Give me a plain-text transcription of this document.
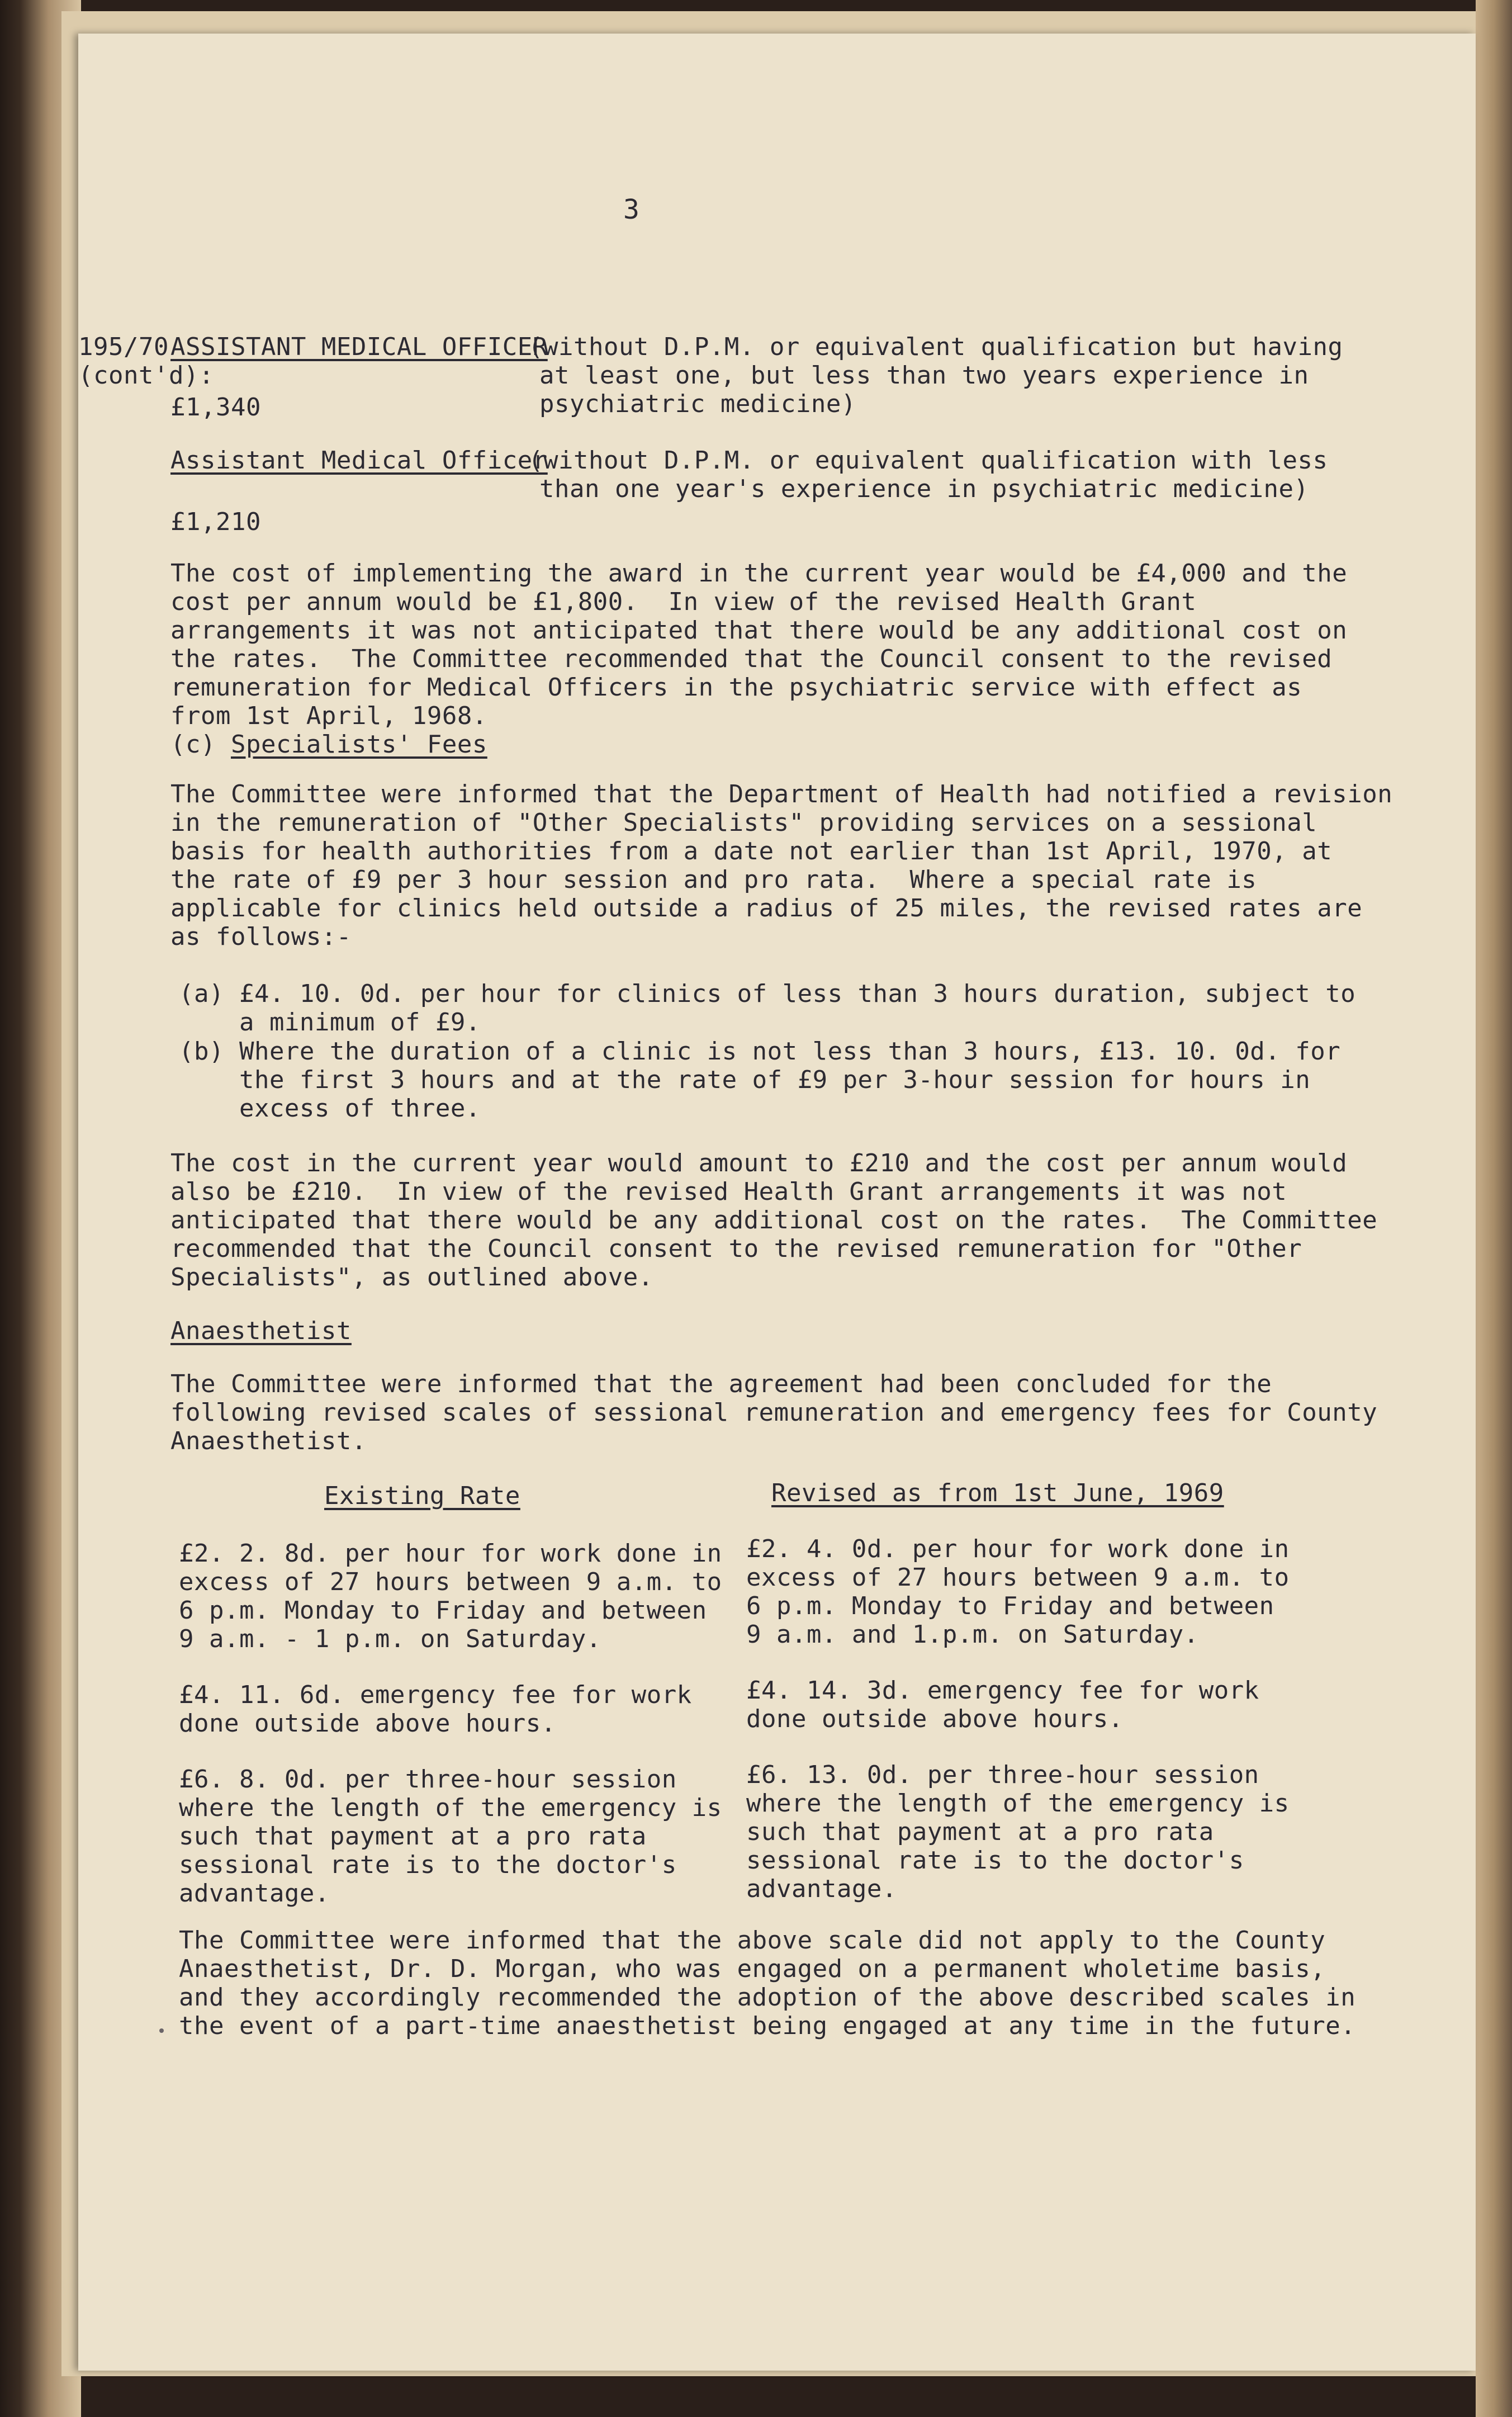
3
195/70
(cont'd):
ASSISTANT MEDICAL OFFICER
(without D.P.M. or equivalent qualification but having
at least one, but less than two years experience in
psychiatric medicine)
£1,340
Assistant Medical Officer
(without D.P.M. or equivalent qualification with less
than one year's experience in psychiatric medicine)
£1,210
The cost of implementing the award in the current year would be £4,000 and the
cost per annum would be £1,800.  In view of the revised Health Grant
arrangements it was not anticipated that there would be any additional cost on
the rates.  The Committee recommended that the Council consent to the revised
remuneration for Medical Officers in the psychiatric service with effect as
from 1st April, 1968.
(c) Specialists' Fees
The Committee were informed that the Department of Health had notified a revision
in the remuneration of "Other Specialists" providing services on a sessional
basis for health authorities from a date not earlier than 1st April, 1970, at
the rate of £9 per 3 hour session and pro rata.  Where a special rate is
applicable for clinics held outside a radius of 25 miles, the revised rates are
as follows:-
(a) £4. 10. 0d. per hour for clinics of less than 3 hours duration, subject to
a minimum of £9.
(b) Where the duration of a clinic is not less than 3 hours, £13. 10. 0d. for
the first 3 hours and at the rate of £9 per 3-hour session for hours in
excess of three.
The cost in the current year would amount to £210 and the cost per annum would
also be £210.  In view of the revised Health Grant arrangements it was not
anticipated that there would be any additional cost on the rates.  The Committee
recommended that the Council consent to the revised remuneration for "Other
Specialists", as outlined above.
Anaesthetist
The Committee were informed that the agreement had been concluded for the
following revised scales of sessional remuneration and emergency fees for County
Anaesthetist.
Existing Rate	Revised as from 1st June, 1969
£2. 2. 8d. per hour for work done in
excess of 27 hours between 9 a.m. to
6 p.m. Monday to Friday and between
9 a.m. - 1 p.m. on Saturday.
£4. 11. 6d. emergency fee for work
done outside above hours.
£6. 8. 0d. per three-hour session
where the length of the emergency is
such that payment at a pro rata
sessional rate is to the doctor's
advantage.
£2. 4. 0d. per hour for work done in
excess of 27 hours between 9 a.m. to
6 p.m. Monday to Friday and between
9 a.m. and 1.p.m. on Saturday.
£4. 14. 3d. emergency fee for work
done outside above hours.
£6. 13. 0d. per three-hour session
where the length of the emergency is
such that payment at a pro rata
sessional rate is to the doctor's
advantage.
The Committee were informed that the above scale did not apply to the County
Anaesthetist, Dr. D. Morgan, who was engaged on a permanent wholetime basis,
and they accordingly recommended the adoption of the above described scales in
the event of a part-time anaesthetist being engaged at any time in the future.
